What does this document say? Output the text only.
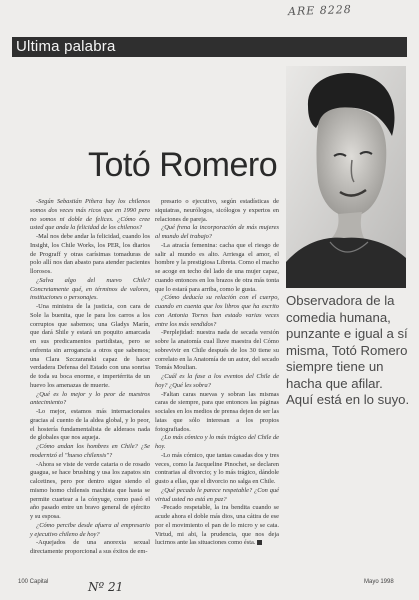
ARE 8228
Ultima palabra
Totó Romero
Observadora de la comedia humana, punzante e igual a sí misma, Totó Romero siempre tiene un hacha que afilar. Aquí está en lo suyo.

-Según Sebastián Piñera hay los chilenos somos dos veces más ricos que en 1990 pero no somos ni doble de felices. ¿Cómo cree usted que anda la felicidad de los chilenos?

-Mal nos debe andar la felicidad, cuando los Insight, los Chile Works, los PER, los diarios de Prograff y otras carísimas tomaduras de polo allí nos dan abasto para atender pacientes llorosos.

¿Salva algo del nuevo Chile? Concretamente qué, en términos de valores, instituciones o personajes.

-Una ministra de la justicia, con cara de Sole la buenita, que le para los carros a los corruptos que sabemos; una Gladys Marín, que dará Shile y estará un poquito amarcada en sus predicamentos partidistas, pero se enfrenta sin arrogancia a otros que sabemos; una Clara Szczaranski capaz de hacer verdadera Defensa del Estado con una sonrisa de toda su boca enorme, e impertérrita de un huevo los amenazas de muerte.

¿Qué es lo mejor y lo peor de nuestros antecimiento?

-Lo mejor, estamos más internacionales gracias al cuento de la aldea global, y lo peor, el hostería fundamentalista de alderaos nada de globales que nos aqueja.

¿Cómo andan los hombres en Chile? ¿Se modernizó el "hueso chilensis"?

-Ahora se viste de verde cataria o de rosado guagua, se hace brushing y usa los zapatos sin calcetines, pero por dentro sigue siendo el mismo homo chilensis machista que hasta se permite cuartear a la cónyuge, como pasó el año pasado entre un bravo general de ejército y su esposa.

¿Cómo percibe desde afuera al empresario y ejecutivo chileno de hoy?

-Aquejados de una anorexia sexual directamente proporcional a sus éxitos de em-

presario o ejecutivo, según estadísticas de siquiatras, neurólogos, sicólogos y expertos en relaciones de pareja.

¿Qué frena la incorporación de más mujeres al mundo del trabajo?

-La atracía femenina: cacha que el riesgo de salir al mundo es alto. Arriesga el amor, el hombre y la prestigiosa Libreta. Como el macho se acoge en techo del lado de una mujer capaz, cuando entonces en los brazos de otra más tonta que lo estará para arriba, como le gusta.

¿Cómo deducía su relación con el cuerpo, cuando en cuenta que los libros que ha escrito con Antonia Torres han estado varias veces entre los más vendidos?

-Perplejidad: nuestra nada de secada versión sobre la anatomía cual lluve maestra del Cómo sobrevivir en Chile después de los 30 tiene su correlato en la Anatomía de un autor, del secado Tomás Moulian.

¿Cuál es la fase a los eventos del Chile de hoy? ¿Qué les sobra?

-Faltan caras nuevas y sobran las mismas caras de siempre, para que entonces las páginas sociales en los medios de prensa dejen de ser las latas que sólo interesan a los propios fotografiados.

¿Lo más cómico y lo más trágico del Chile de hoy.

-Lo más cómico, que tantas casadas dos y tres veces, como la Jacqueline Pinochet, se declaren contrarias al divorcio; y lo más trágico, dándole gusto a ellas, que el divorcio no salga en Chile.

¿Qué pecado le parece respetable? ¿Con qué virtud usted no está en paz?

-Pecado respetable, la ira bendita cuando se acude ahora el doble más dios, una cátira de ese por el movimiento el pan de lo micro y se cata. Virtud, mi abi, la prudencia, que nos deja lucirnos ante las situaciones como ésta.

100 Capital	Nº 21	Mayo 1998
